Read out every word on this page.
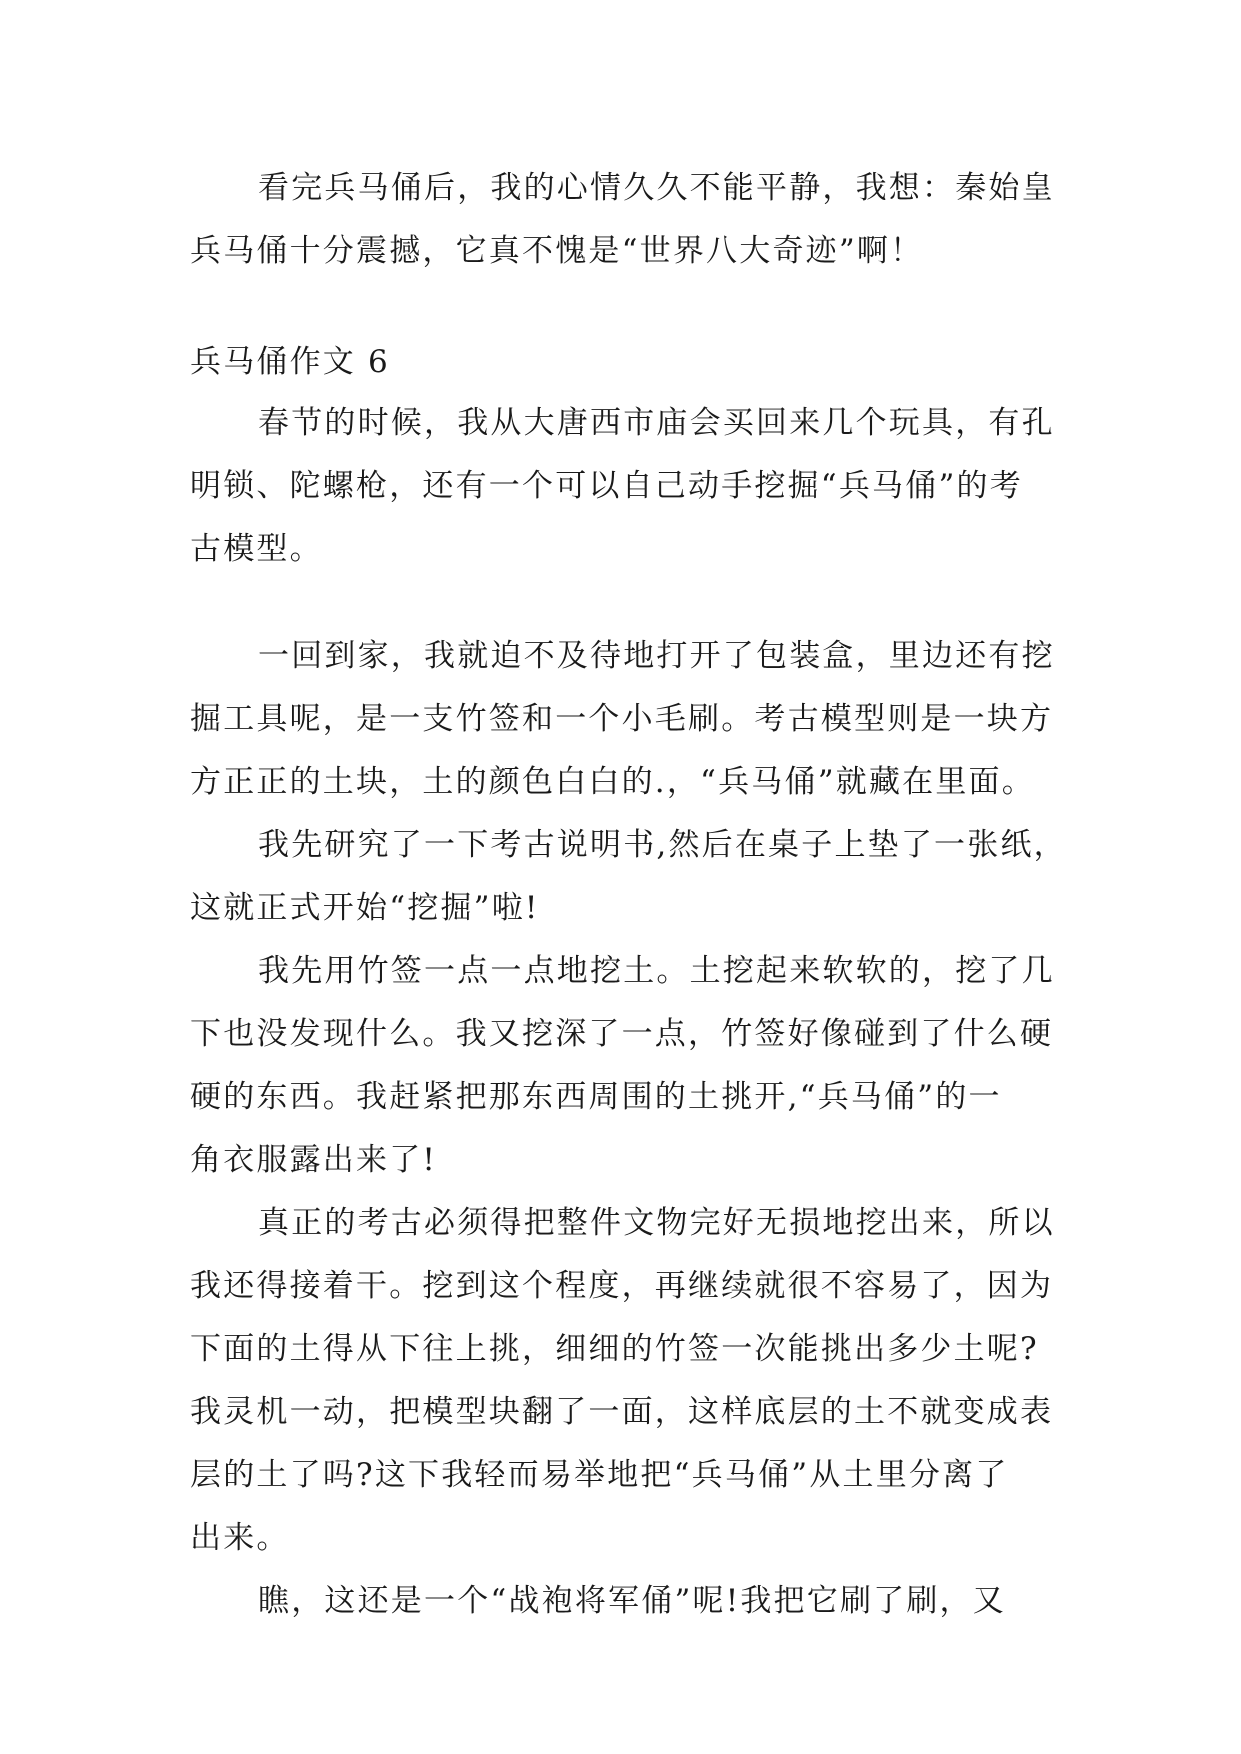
看完兵马俑后，我的心情久久不能平静，我想：秦始皇
兵马俑十分震撼，它真不愧是“世界八大奇迹”啊！
兵马俑作文 6
春节的时候，我从大唐西市庙会买回来几个玩具，有孔
明锁、陀螺枪，还有一个可以自己动手挖掘“兵马俑”的考
古模型。
一回到家，我就迫不及待地打开了包装盒，里边还有挖
掘工具呢，是一支竹签和一个小毛刷。考古模型则是一块方
方正正的土块，土的颜色白白的.，“兵马俑”就藏在里面。
我先研究了一下考古说明书,然后在桌子上垫了一张纸，
这就正式开始“挖掘”啦!
我先用竹签一点一点地挖土。土挖起来软软的，挖了几
下也没发现什么。我又挖深了一点，竹签好像碰到了什么硬
硬的东西。我赶紧把那东西周围的土挑开,“兵马俑”的一
角衣服露出来了!
真正的考古必须得把整件文物完好无损地挖出来，所以
我还得接着干。挖到这个程度，再继续就很不容易了，因为
下面的土得从下往上挑，细细的竹签一次能挑出多少土呢?
我灵机一动，把模型块翻了一面，这样底层的土不就变成表
层的土了吗?这下我轻而易举地把“兵马俑”从土里分离了
出来。
瞧，这还是一个“战袍将军俑”呢!我把它刷了刷，又
